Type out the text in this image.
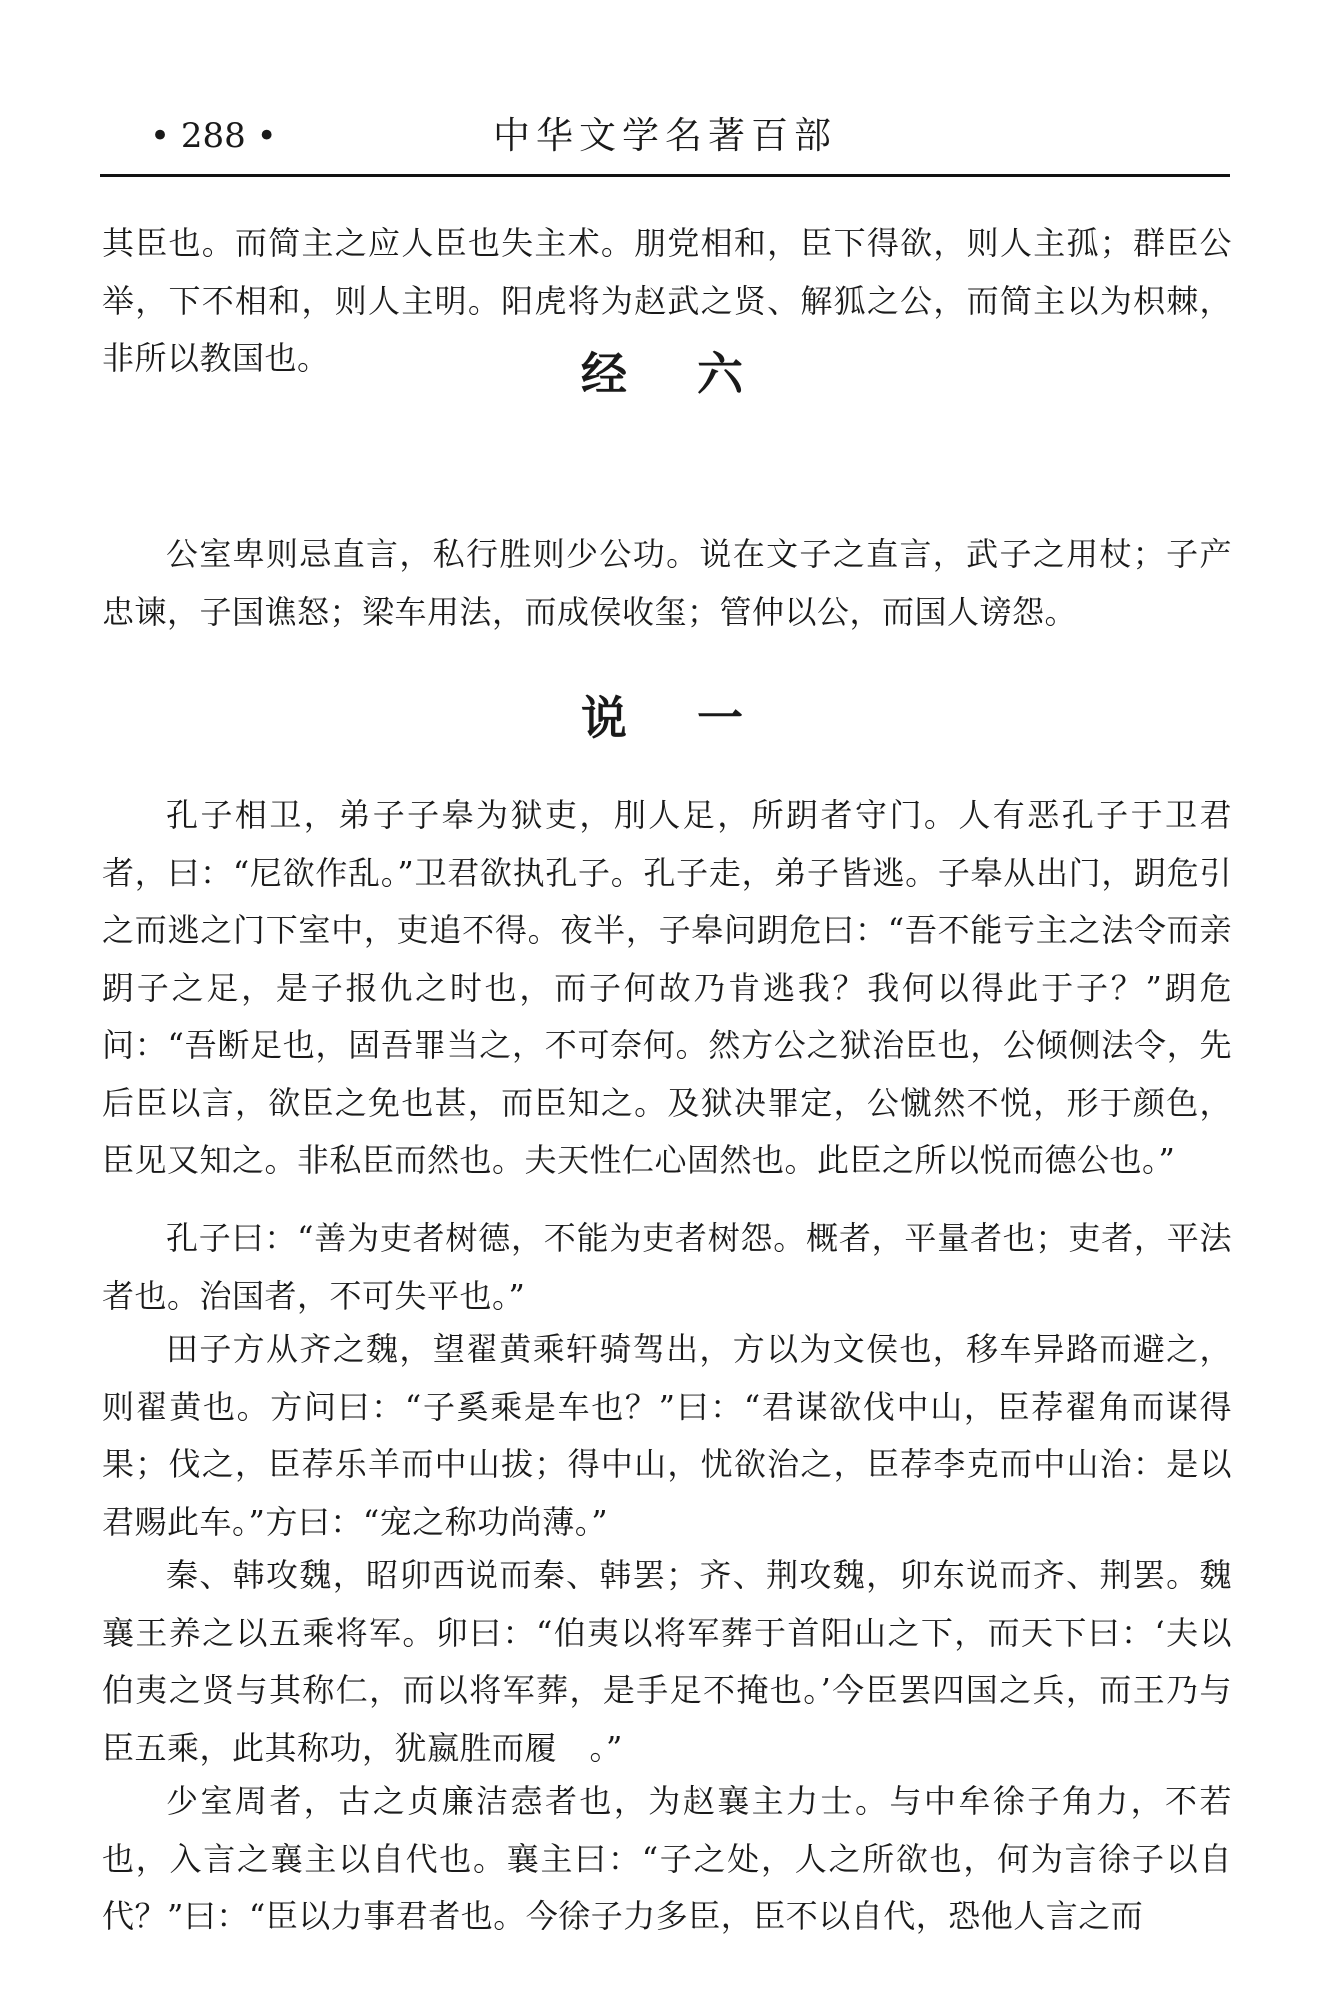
• 288 •	中华文学名著百部

其臣也。而简主之应人臣也失主术。朋党相和，臣下得欲，则人主孤；群臣公举，下不相和，则人主明。阳虎将为赵武之贤、解狐之公，而简主以为枳棘，非所以教国也。	经六

公室卑则忌直言，私行胜则少公功。说在文子之直言，武子之用杖；子产忠谏，子国谯怒；梁车用法，而成侯收玺；管仲以公，而国人谤怨。

说一

孔子相卫，弟子子皋为狱吏，刖人足，所跀者守门。人有恶孔子于卫君者，曰：“尼欲作乱。”卫君欲执孔子。孔子走，弟子皆逃。子皋从出门，跀危引之而逃之门下室中，吏追不得。夜半，子皋问跀危曰：“吾不能亏主之法令而亲跀子之足，是子报仇之时也，而子何故乃肯逃我？我何以得此于子？”跀危问：“吾断足也，固吾罪当之，不可奈何。然方公之狱治臣也，公倾侧法令，先后臣以言，欲臣之免也甚，而臣知之。及狱决罪定，公憱然不悦，形于颜色，臣见又知之。非私臣而然也。夫天性仁心固然也。此臣之所以悦而德公也。”

孔子曰：“善为吏者树德，不能为吏者树怨。概者，平量者也；吏者，平法者也。治国者，不可失平也。”

田子方从齐之魏，望翟黄乘轩骑驾出，方以为文侯也，移车异路而避之，则翟黄也。方问曰：“子奚乘是车也？”曰：“君谋欲伐中山，臣荐翟角而谋得果；伐之，臣荐乐羊而中山拔；得中山，忧欲治之，臣荐李克而中山治：是以君赐此车。”方曰：“宠之称功尚薄。”

秦、韩攻魏，昭卯西说而秦、韩罢；齐、荆攻魏，卯东说而齐、荆罢。魏襄王养之以五乘将军。卯曰：“伯夷以将军葬于首阳山之下，而天下曰：‘夫以伯夷之贤与其称仁，而以将军葬，是手足不掩也。’今臣罢四国之兵，而王乃与臣五乘，此其称功，犹嬴胜而履　。”

少室周者，古之贞廉洁悫者也，为赵襄主力士。与中牟徐子角力，不若也，入言之襄主以自代也。襄主曰：“子之处，人之所欲也，何为言徐子以自代？”曰：“臣以力事君者也。今徐子力多臣，臣不以自代，恐他人言之而
